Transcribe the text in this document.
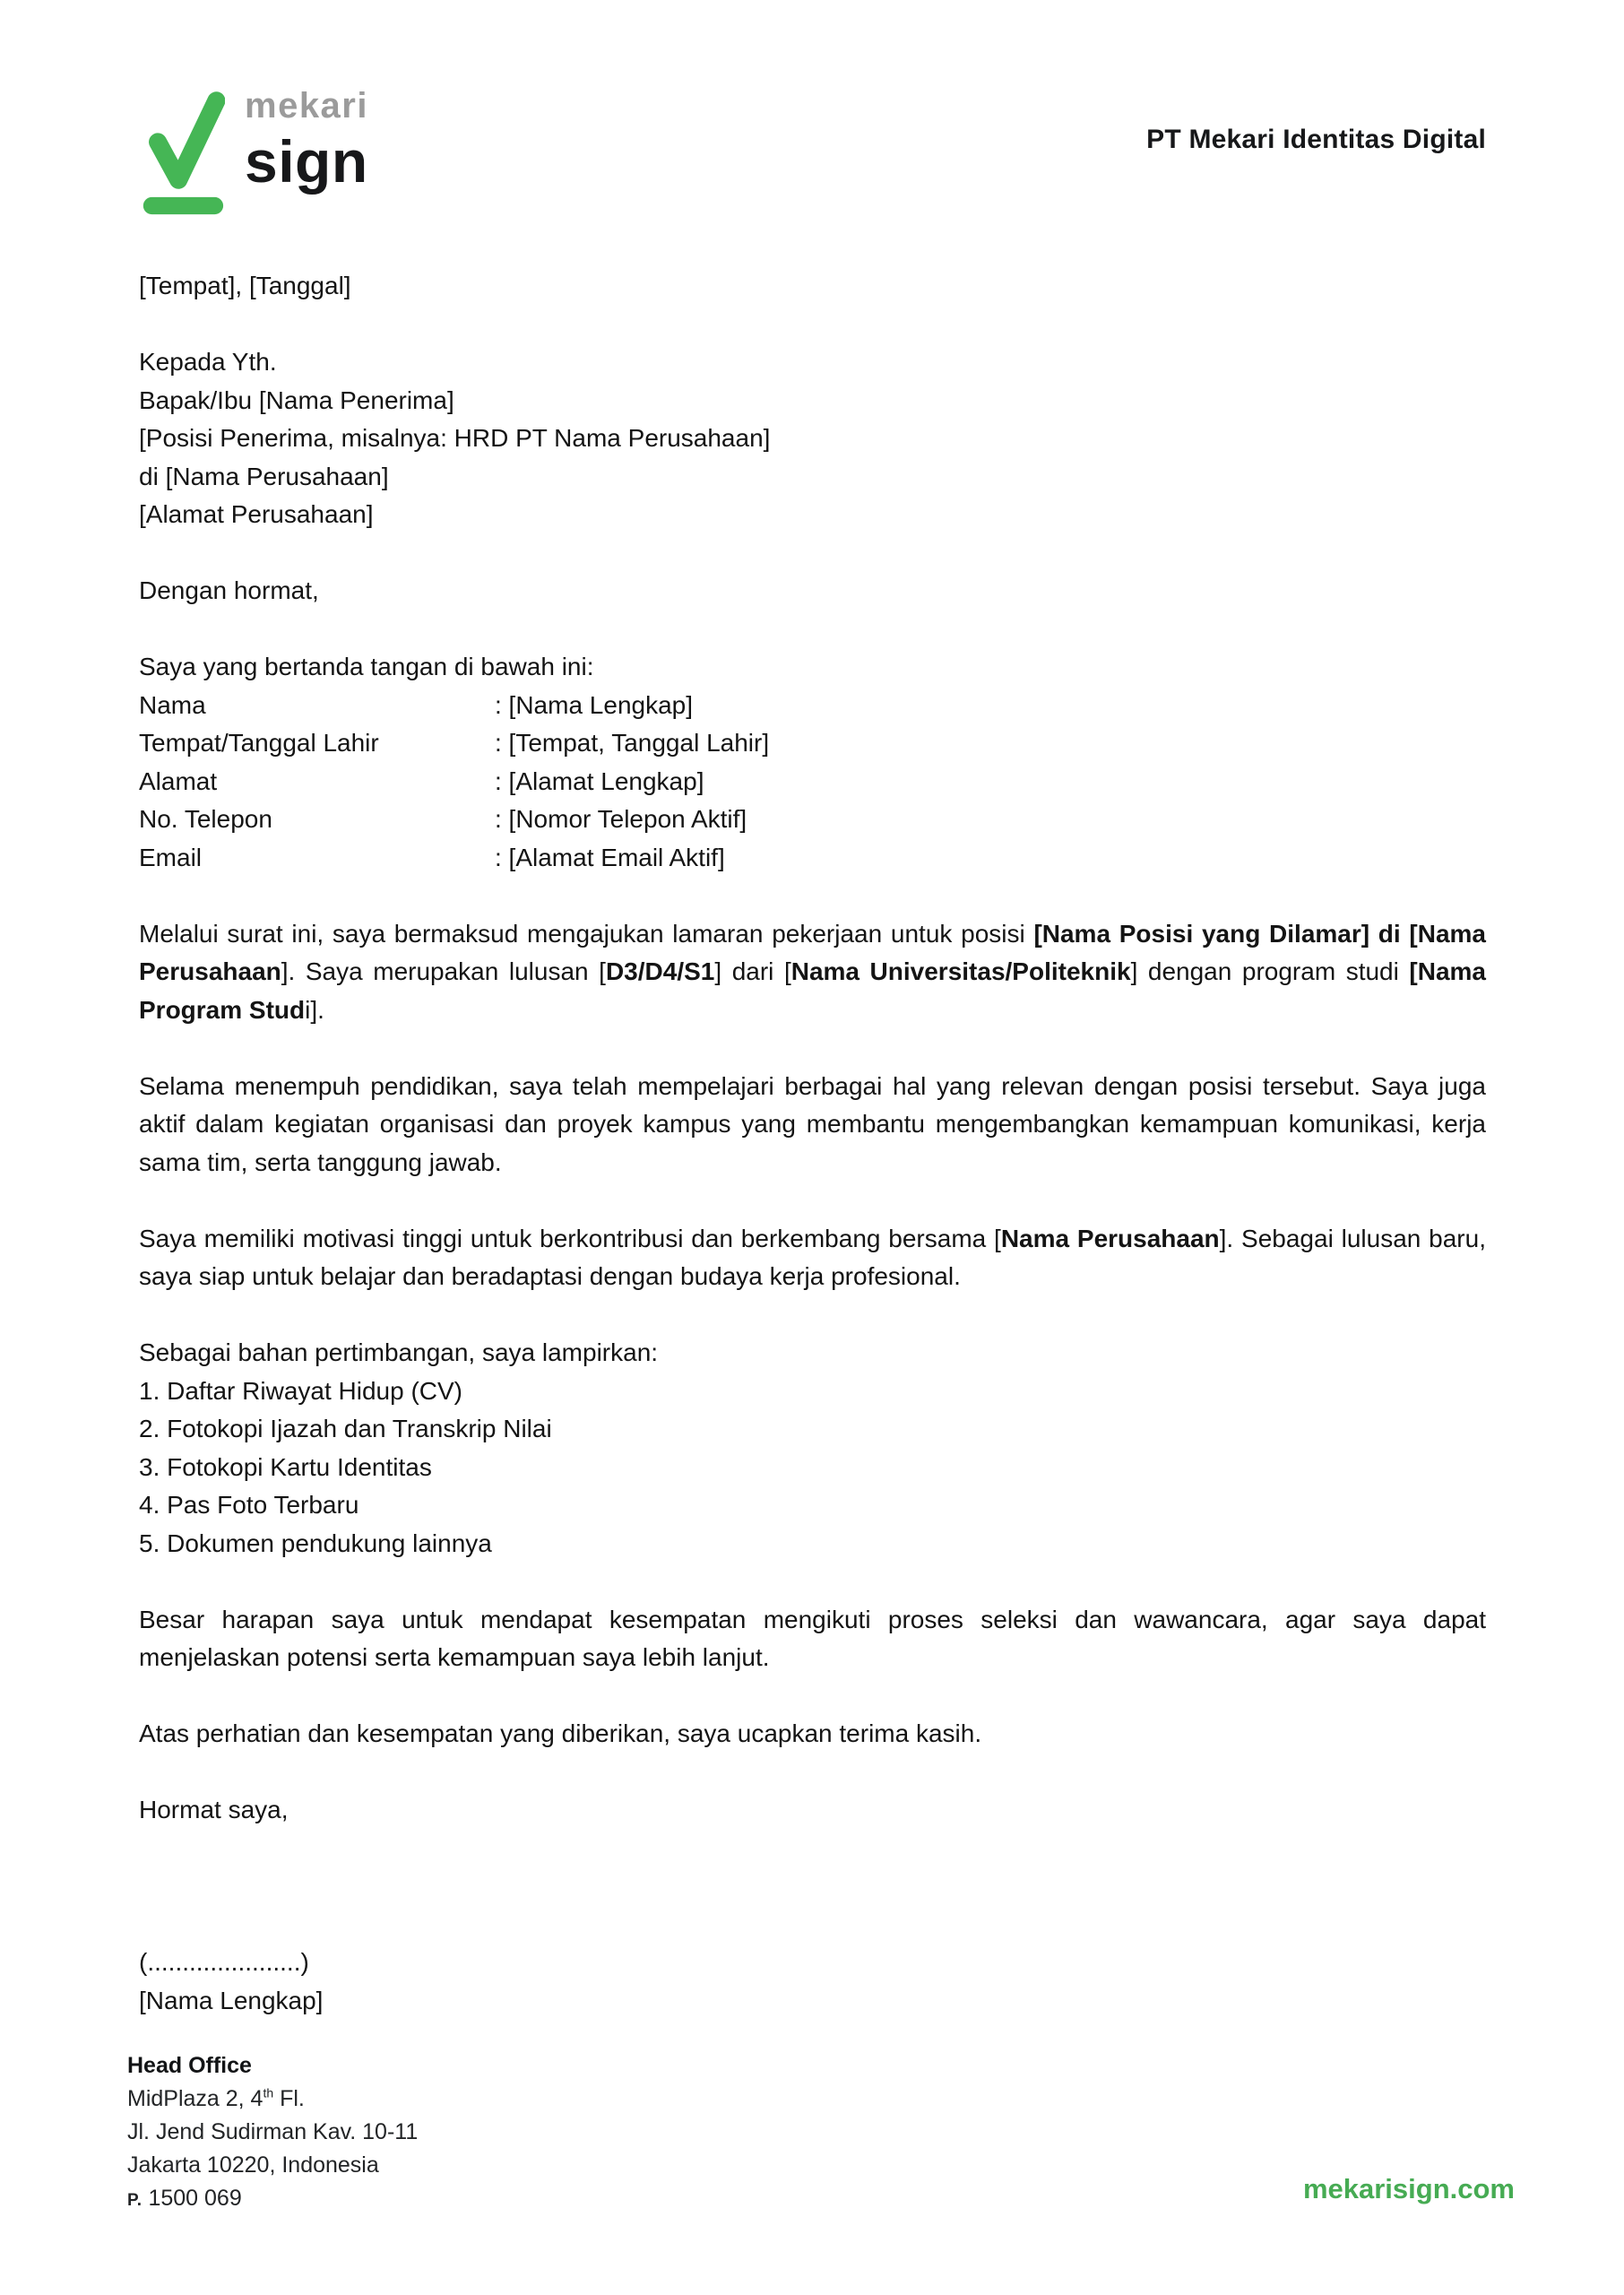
mekari
sign	PT Mekari Identitas Digital

[Tempat], [Tanggal]

Kepada Yth.
Bapak/Ibu [Nama Penerima]
[Posisi Penerima, misalnya: HRD PT Nama Perusahaan]
di [Nama Perusahaan]
[Alamat Perusahaan]

Dengan hormat,

Saya yang bertanda tangan di bawah ini:
Nama	: [Nama Lengkap]
Tempat/Tanggal Lahir	: [Tempat, Tanggal Lahir]
Alamat	: [Alamat Lengkap]
No. Telepon	: [Nomor Telepon Aktif]
Email	: [Alamat Email Aktif]

Melalui surat ini, saya bermaksud mengajukan lamaran pekerjaan untuk posisi [Nama Posisi yang Dilamar] di [Nama Perusahaan]. Saya merupakan lulusan [D3/D4/S1] dari [Nama Universitas/Politeknik] dengan program studi [Nama Program Studi].

Selama menempuh pendidikan, saya telah mempelajari berbagai hal yang relevan dengan posisi tersebut. Saya juga aktif dalam kegiatan organisasi dan proyek kampus yang membantu mengembangkan kemampuan komunikasi, kerja sama tim, serta tanggung jawab.

Saya memiliki motivasi tinggi untuk berkontribusi dan berkembang bersama [Nama Perusahaan]. Sebagai lulusan baru, saya siap untuk belajar dan beradaptasi dengan budaya kerja profesional.

Sebagai bahan pertimbangan, saya lampirkan:
1. Daftar Riwayat Hidup (CV)
2. Fotokopi Ijazah dan Transkrip Nilai
3. Fotokopi Kartu Identitas
4. Pas Foto Terbaru
5. Dokumen pendukung lainnya

Besar harapan saya untuk mendapat kesempatan mengikuti proses seleksi dan wawancara, agar saya dapat menjelaskan potensi serta kemampuan saya lebih lanjut.

Atas perhatian dan kesempatan yang diberikan, saya ucapkan terima kasih.

Hormat saya,

(......................)

[Nama Lengkap]

Head Office
MidPlaza 2, 4th Fl.
Jl. Jend Sudirman Kav. 10-11
Jakarta 10220, Indonesia
P. 1500 069	mekarisign.com
